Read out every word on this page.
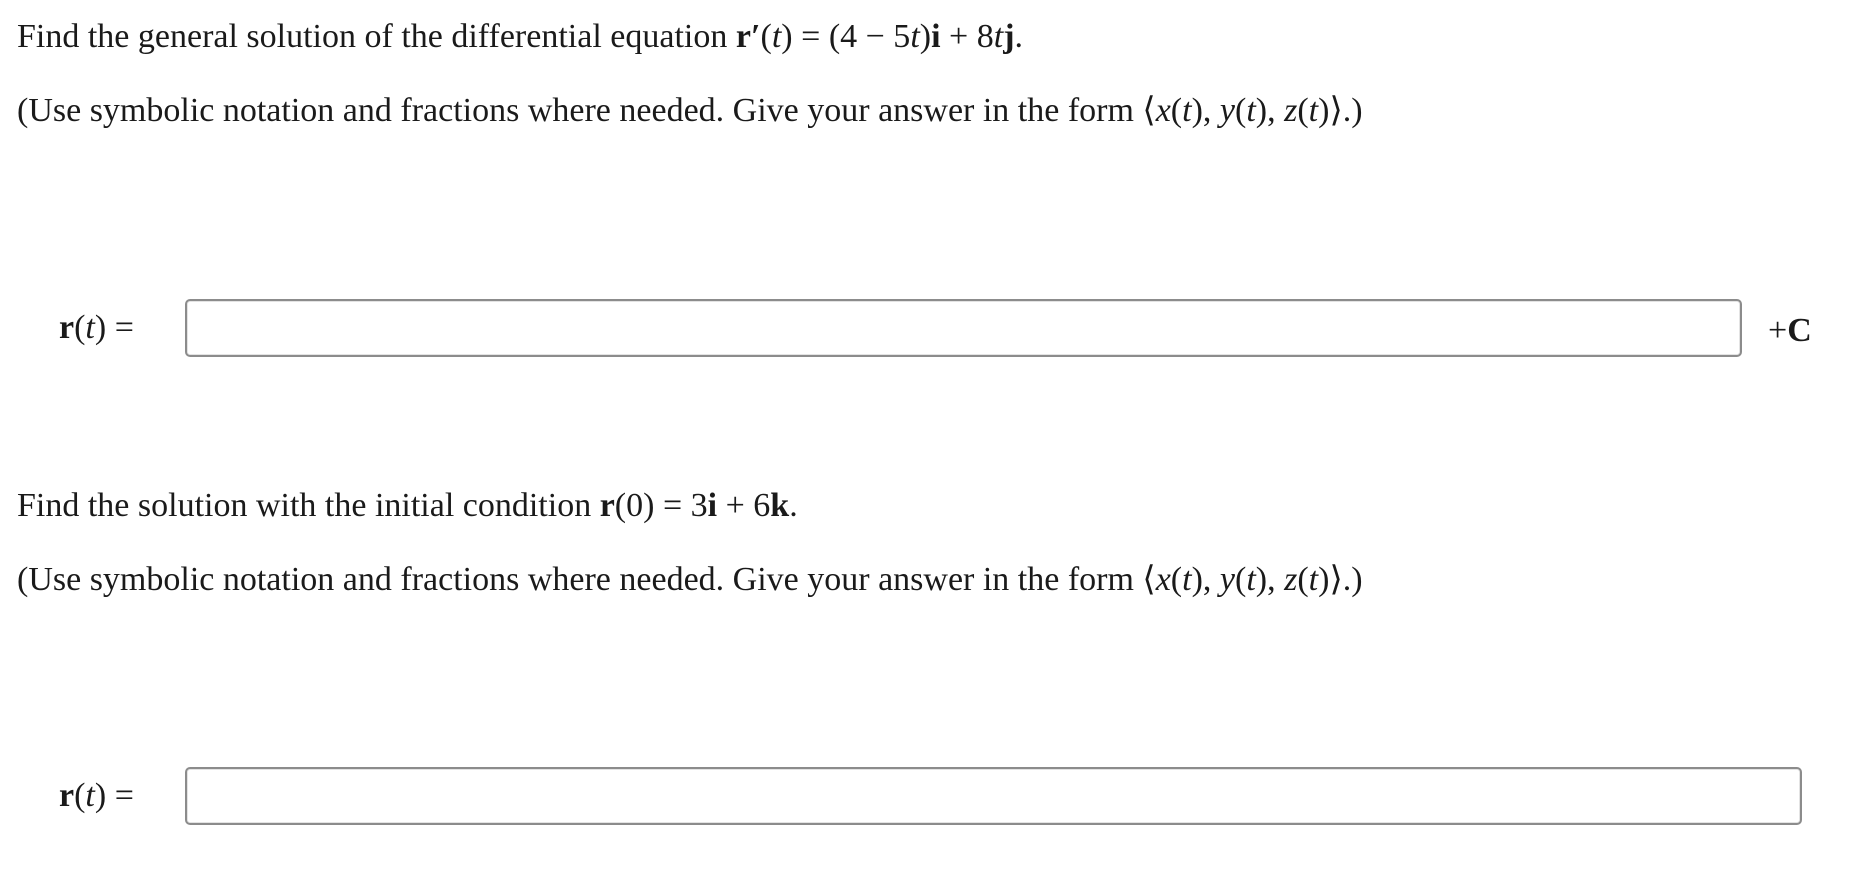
Find the general solution of the differential equation r′(t) = (4 − 5t)i + 8tj.
(Use symbolic notation and fractions where needed. Give your answer in the form ⟨x(t), y(t), z(t)⟩.)
r(t) =	+C
Find the solution with the initial condition r(0) = 3i + 6k.
(Use symbolic notation and fractions where needed. Give your answer in the form ⟨x(t), y(t), z(t)⟩.)
r(t) =
